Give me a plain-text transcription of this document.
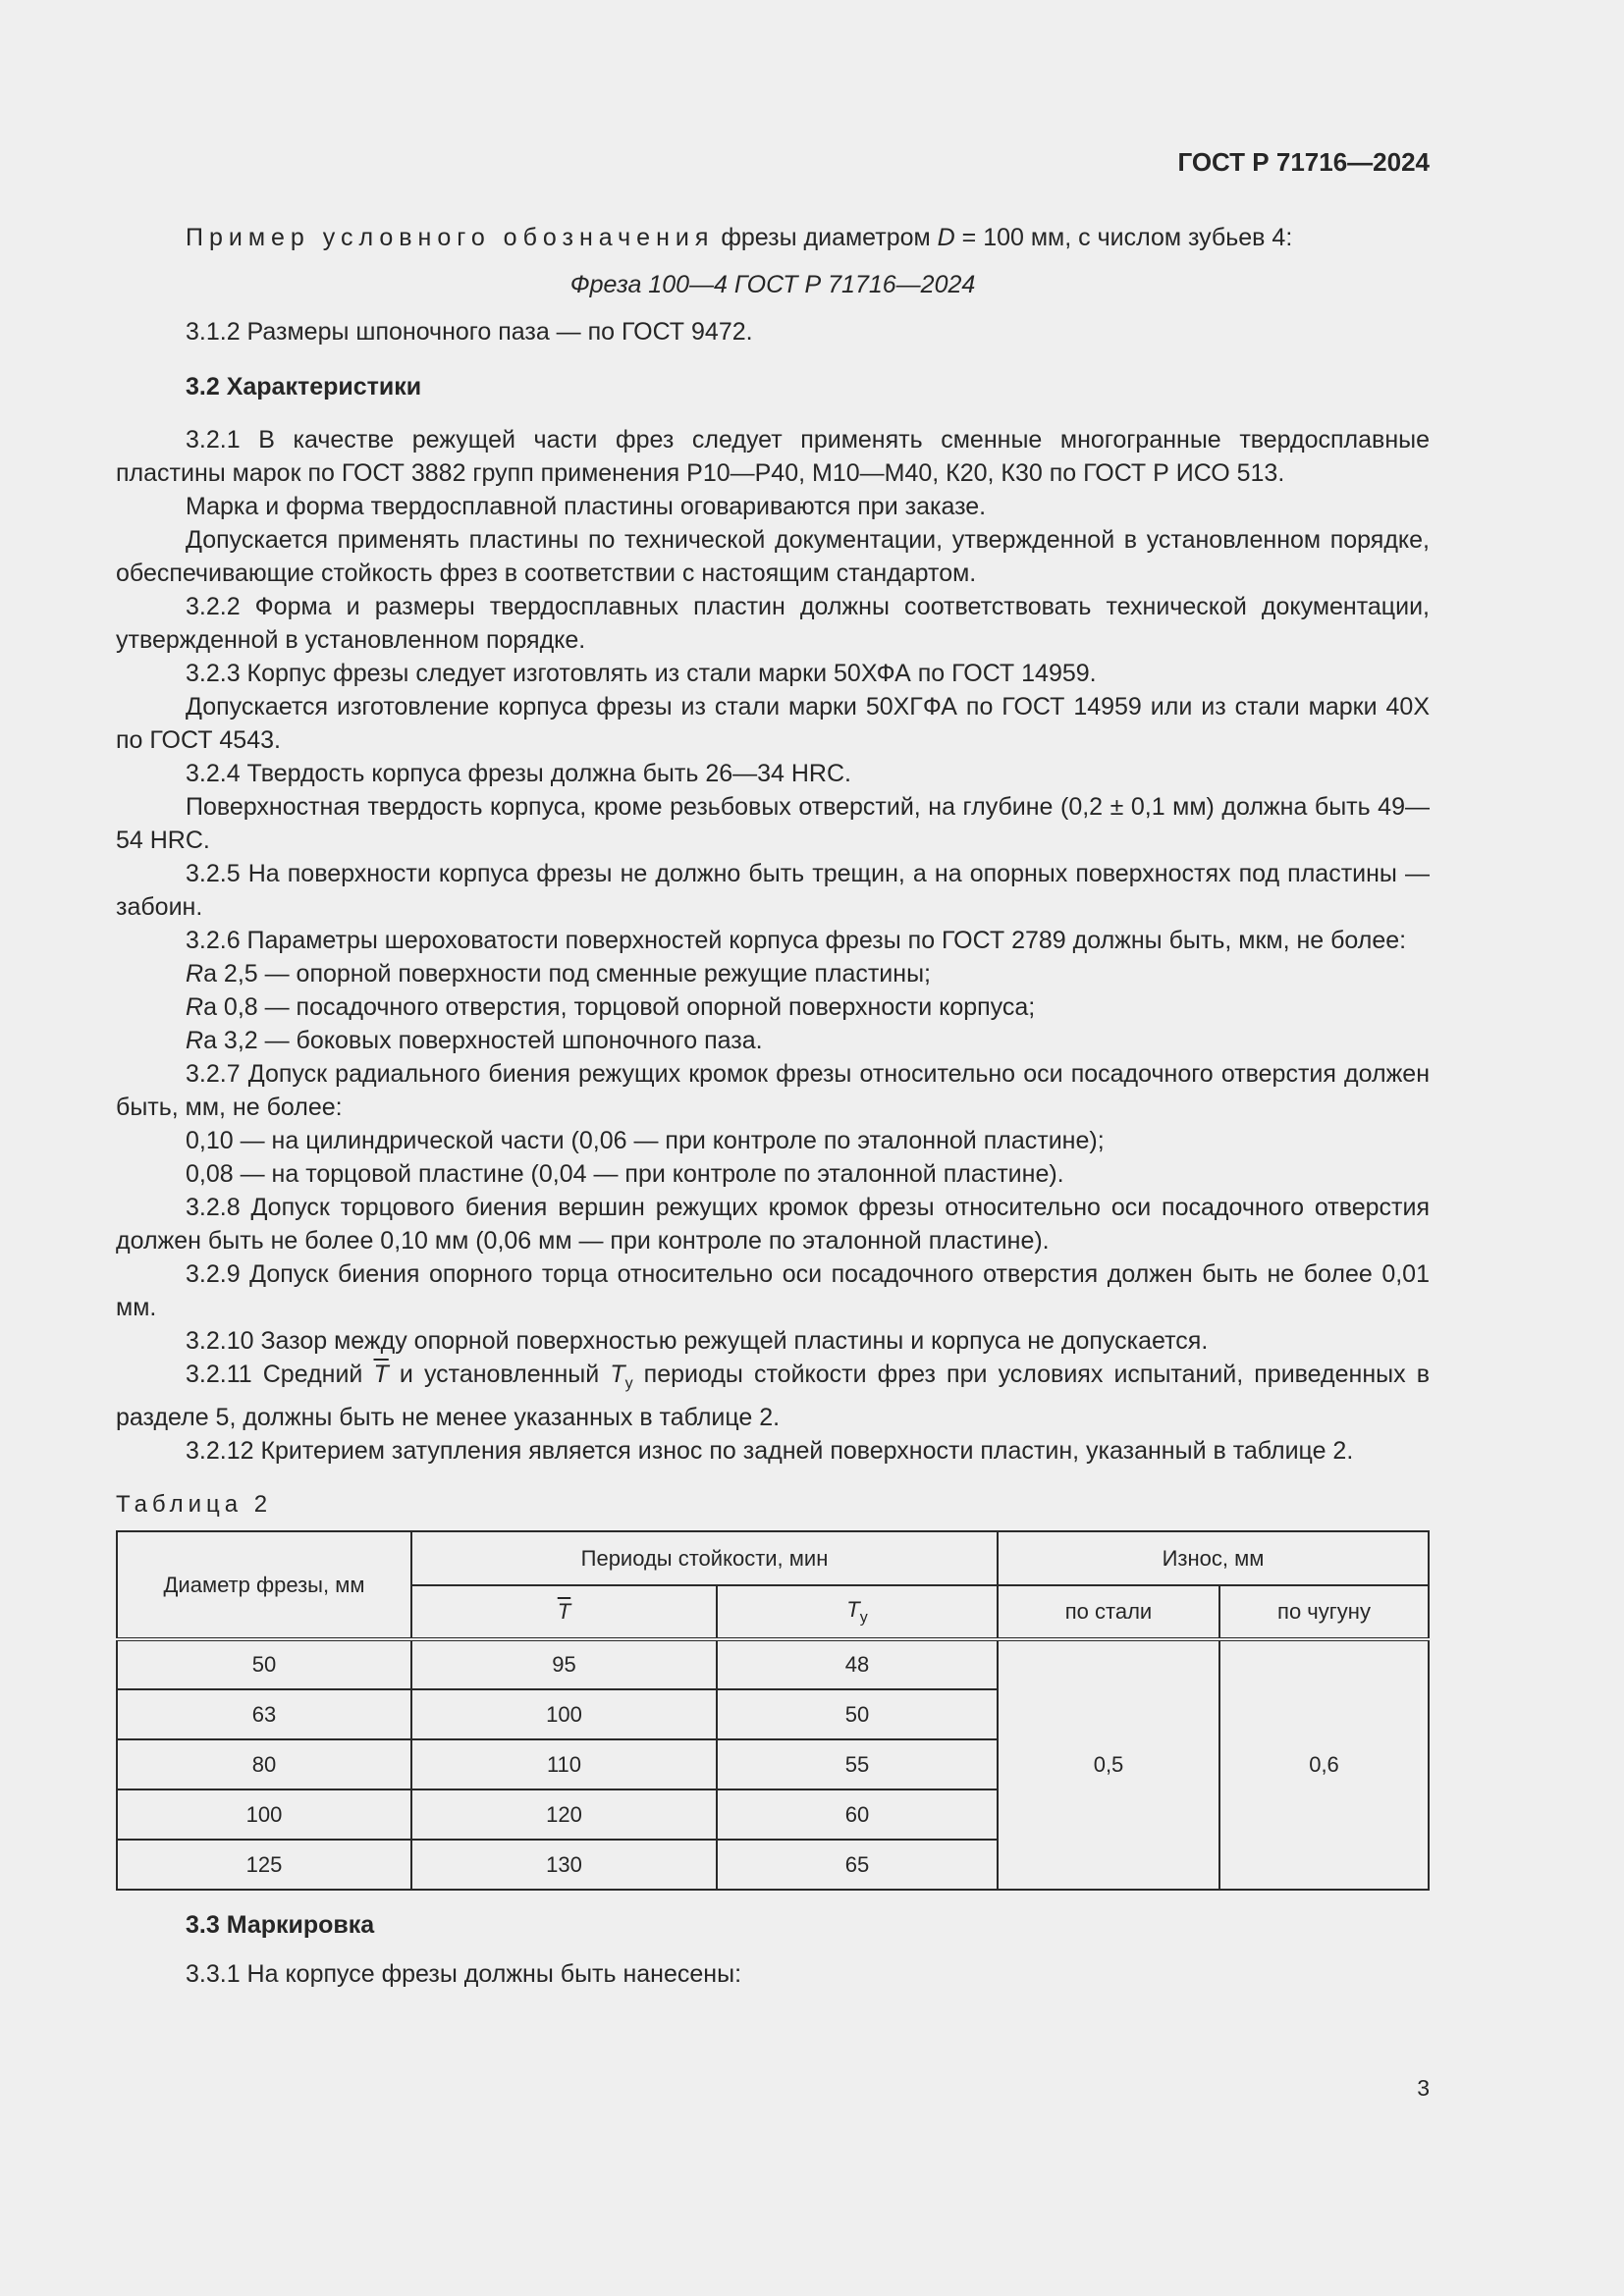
ГОСТ Р 71716—2024

Пример условного обозначения фрезы диаметром D = 100 мм, с числом зубьев 4:

Фреза 100—4 ГОСТ Р 71716—2024

3.1.2 Размеры шпоночного паза — по ГОСТ 9472.

3.2 Характеристики

3.2.1 В качестве режущей части фрез следует применять сменные многогранные твердосплавные пластины марок по ГОСТ 3882 групп применения Р10—Р40, М10—М40, К20, К30 по ГОСТ Р ИСО 513.

Марка и форма твердосплавной пластины оговариваются при заказе.

Допускается применять пластины по технической документации, утвержденной в установленном порядке, обеспечивающие стойкость фрез в соответствии с настоящим стандартом.

3.2.2 Форма и размеры твердосплавных пластин должны соответствовать технической документации, утвержденной в установленном порядке.

3.2.3 Корпус фрезы следует изготовлять из стали марки 50ХФА по ГОСТ 14959.

Допускается изготовление корпуса фрезы из стали марки 50ХГФА по ГОСТ 14959 или из стали марки 40Х по ГОСТ 4543.

3.2.4 Твердость корпуса фрезы должна быть 26—34 HRC.

Поверхностная твердость корпуса, кроме резьбовых отверстий, на глубине (0,2 ± 0,1 мм) должна быть 49—54 HRC.

3.2.5 На поверхности корпуса фрезы не должно быть трещин, а на опорных поверхностях под пластины — забоин.

3.2.6 Параметры шероховатости поверхностей корпуса фрезы по ГОСТ 2789 должны быть, мкм, не более:

Ra 2,5 — опорной поверхности под сменные режущие пластины;

Ra 0,8 — посадочного отверстия, торцовой опорной поверхности корпуса;

Ra 3,2 — боковых поверхностей шпоночного паза.

3.2.7 Допуск радиального биения режущих кромок фрезы относительно оси посадочного отверстия должен быть, мм, не более:

0,10 — на цилиндрической части (0,06 — при контроле по эталонной пластине);

0,08 — на торцовой пластине (0,04 — при контроле по эталонной пластине).

3.2.8 Допуск торцового биения вершин режущих кромок фрезы относительно оси посадочного отверстия должен быть не более 0,10 мм (0,06 мм — при контроле по эталонной пластине).

3.2.9 Допуск биения опорного торца относительно оси посадочного отверстия должен быть не более 0,01 мм.

3.2.10 Зазор между опорной поверхностью режущей пластины и корпуса не допускается.

3.2.11 Средний $\overline{T}$ и установленный $T_у$ периоды стойкости фрез при условиях испытаний, приведенных в разделе 5, должны быть не менее указанных в таблице 2.

3.2.12 Критерием затупления является износ по задней поверхности пластин, указанный в таблице 2.

Таблица 2
Диаметр фрезы, мм	Периоды стойкости, мин		Износ, мм	
	$\overline{T}$	$T_у$	по стали	по чугуну
50	95	48	0,5	0,6
63	100	50		
80	110	55		
100	120	60		
125	130	65		

3.3 Маркировка

3.3.1 На корпусе фрезы должны быть нанесены:

3
